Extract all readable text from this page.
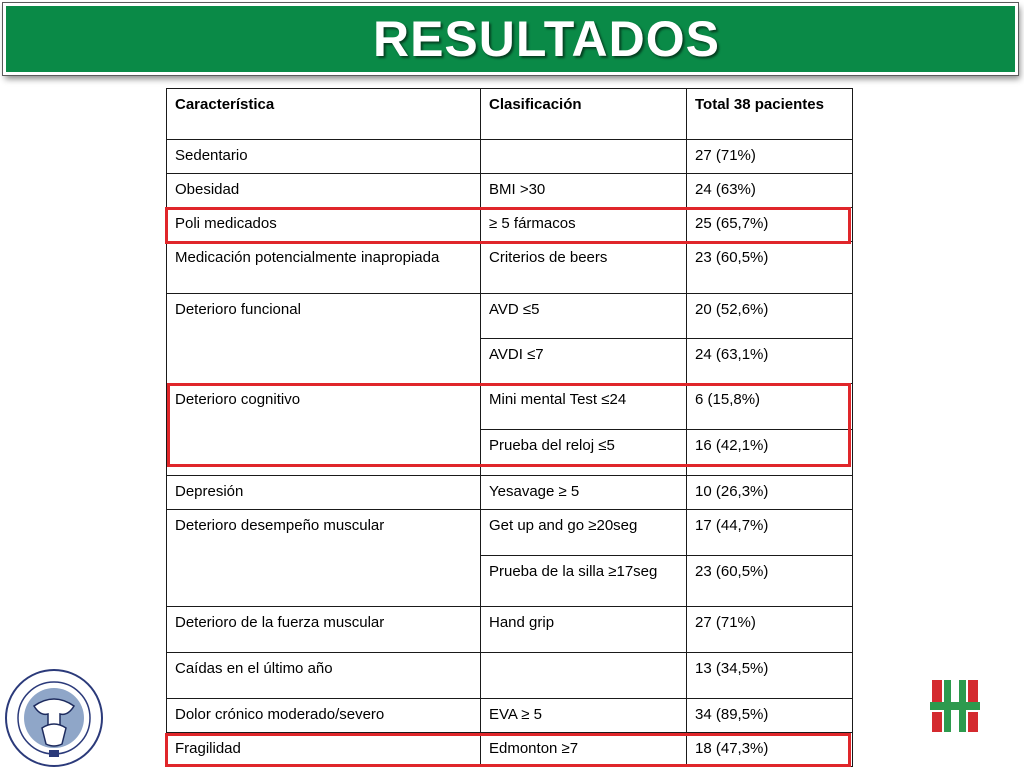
RESULTADOS
Característica	Clasificación	Total 38 pacientes
Sedentario		27 (71%)
Obesidad	BMI >30	24 (63%)
Poli medicados	≥ 5 fármacos	25 (65,7%)
Medicación potencialmente inapropiada	Criterios de beers	23 (60,5%)
Deterioro funcional	AVD ≤5	20 (52,6%)
	AVDI ≤7	24 (63,1%)
Deterioro cognitivo	Mini mental Test ≤24	6 (15,8%)
	Prueba del reloj ≤5	16 (42,1%)
Depresión	Yesavage ≥ 5	10 (26,3%)
Deterioro desempeño muscular	Get up and go ≥20seg	17 (44,7%)
	Prueba de la silla ≥17seg	23 (60,5%)
Deterioro de la fuerza muscular	Hand grip	27 (71%)
Caídas en el último año		13 (34,5%)
Dolor crónico moderado/severo	EVA ≥ 5	34 (89,5%)
Fragilidad	Edmonton ≥7	18 (47,3%)
